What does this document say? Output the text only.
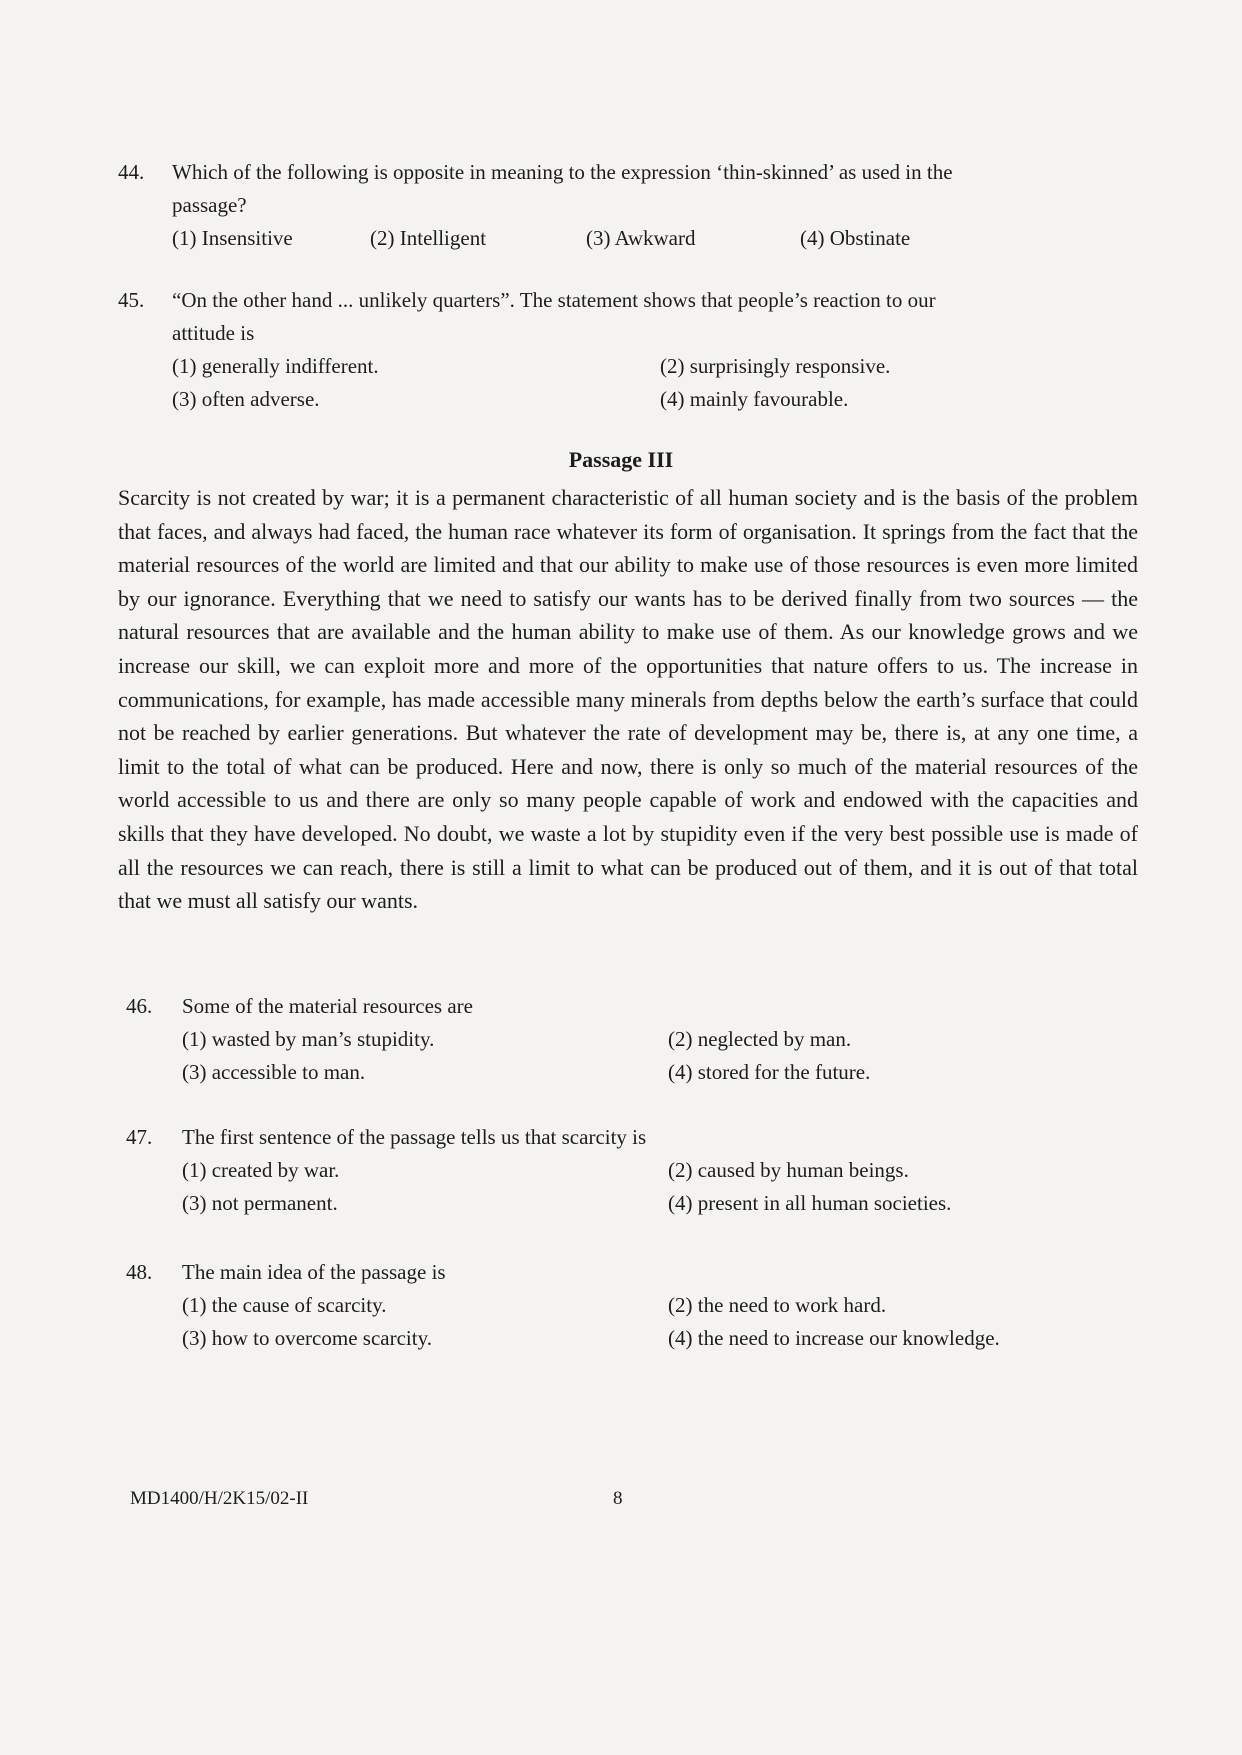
44. Which of the following is opposite in meaning to the expression ‘thin-skinned’ as used in the
passage?
(1) Insensitive	(2) Intelligent	(3) Awkward	(4) Obstinate
45. “On the other hand ... unlikely quarters”. The statement shows that people’s reaction to our
attitude is
(1) generally indifferent.	(2) surprisingly responsive.
(3) often adverse.	(4) mainly favourable.
Passage III
Scarcity is not created by war; it is a permanent characteristic of all human society and is the basis of the problem that faces, and always had faced, the human race whatever its form of organisation. It springs from the fact that the material resources of the world are limited and that our ability to make use of those resources is even more limited by our ignorance. Everything that we need to satisfy our wants has to be derived finally from two sources — the natural resources that are available and the human ability to make use of them. As our knowledge grows and we increase our skill, we can exploit more and more of the opportunities that nature offers to us. The increase in communications, for example, has made accessible many minerals from depths below the earth’s surface that could not be reached by earlier generations. But whatever the rate of development may be, there is, at any one time, a limit to the total of what can be produced. Here and now, there is only so much of the material resources of the world accessible to us and there are only so many people capable of work and endowed with the capacities and skills that they have developed. No doubt, we waste a lot by stupidity even if the very best possible use is made of all the resources we can reach, there is still a limit to what can be produced out of them, and it is out of that total that we must all satisfy our wants.
46. Some of the material resources are
(1) wasted by man’s stupidity.	(2) neglected by man.
(3) accessible to man.	(4) stored for the future.
47. The first sentence of the passage tells us that scarcity is
(1) created by war.	(2) caused by human beings.
(3) not permanent.	(4) present in all human societies.
48. The main idea of the passage is
(1) the cause of scarcity.	(2) the need to work hard.
(3) how to overcome scarcity.	(4) the need to increase our knowledge.
MD1400/H/2K15/02-II	8
